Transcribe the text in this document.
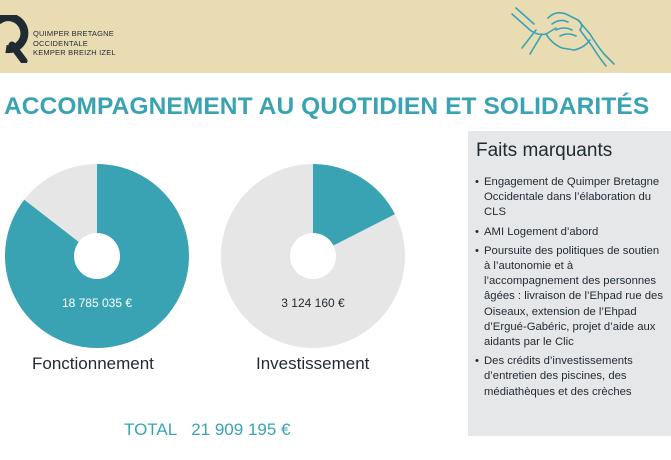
QUIMPER BRETAGNE
OCCIDENTALE
KEMPER BREIZH IZEL
ACCOMPAGNEMENT AU QUOTIDIEN ET SOLIDARITÉS
18 785 035 €
Fonctionnement
3 124 160 €
Investissement
TOTAL 21 909 195 €
Faits marquants
• Engagement de Quimper Bretagne Occidentale dans l’élaboration du CLS
• AMI Logement d’abord
• Poursuite des politiques de soutien à l’autonomie et à l’accompagnement des personnes âgées : livraison de l’Ehpad rue des Oiseaux, extension de l’Ehpad d’Ergué-Gabéric, projet d’aide aux aidants par le Clic
• Des crédits d’investissements d’entretien des piscines, des médiathèques et des crèches
